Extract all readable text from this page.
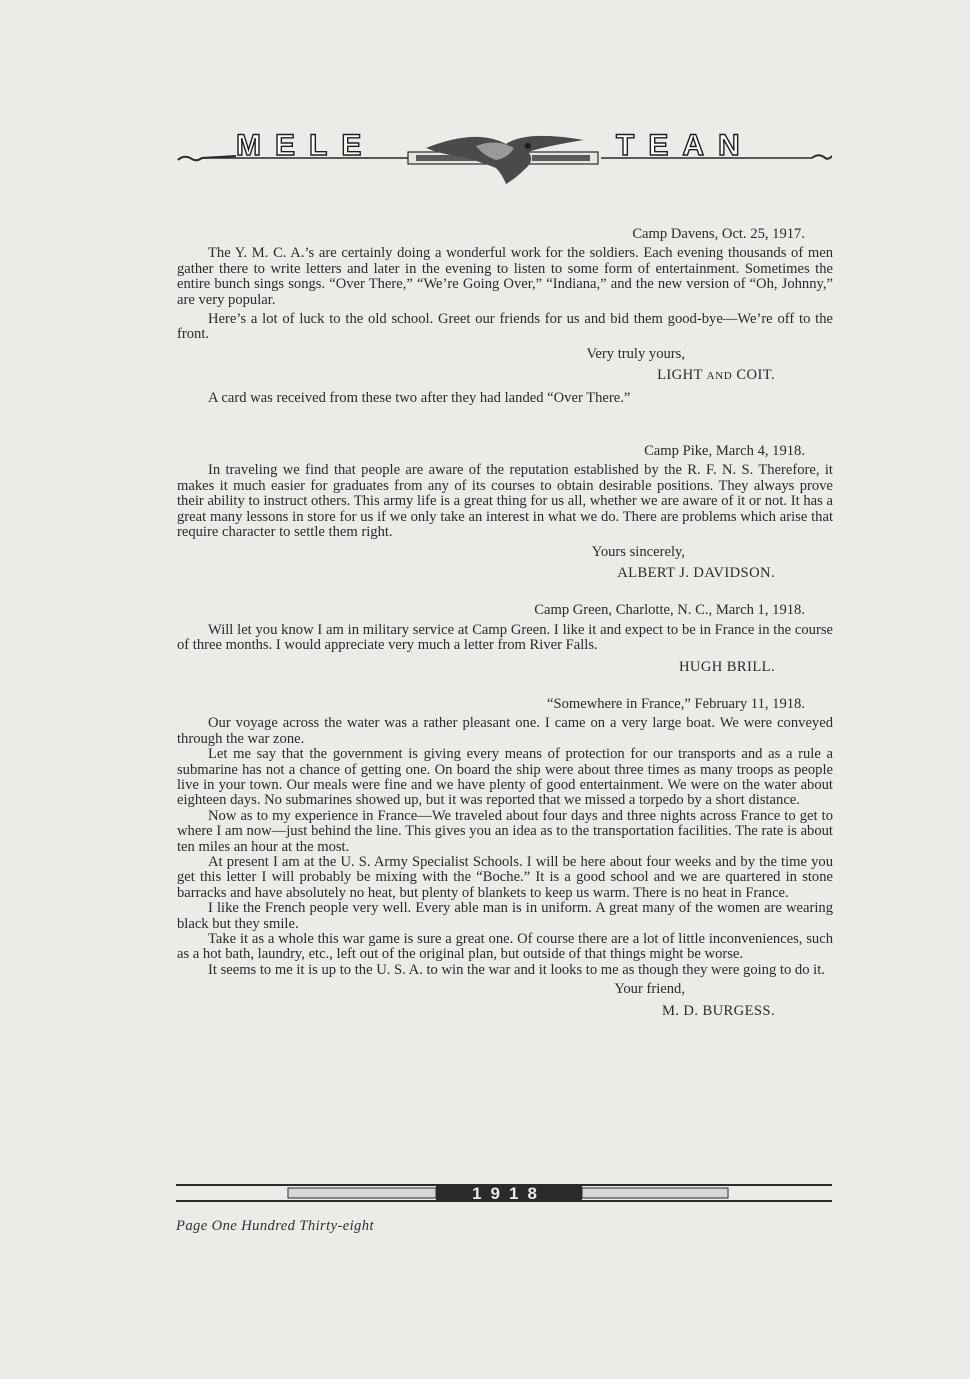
MELE	TEAN

Camp Davens, Oct. 25, 1917.

The Y. M. C. A.’s are certainly doing a wonderful work for the soldiers. Each evening thousands of men gather there to write letters and later in the evening to listen to some form of entertainment. Sometimes the entire bunch sings songs. “Over There,” “We’re Going Over,” “Indiana,” and the new version of “Oh, Johnny,” are very popular.

Here’s a lot of luck to the old school. Greet our friends for us and bid them good-bye—We’re off to the front.

Very truly yours,

LIGHT AND COIT.

A card was received from these two after they had landed “Over There.”

Camp Pike, March 4, 1918.

In traveling we find that people are aware of the reputation established by the R. F. N. S. Therefore, it makes it much easier for graduates from any of its courses to obtain desirable positions. They always prove their ability to instruct others. This army life is a great thing for us all, whether we are aware of it or not. It has a great many lessons in store for us if we only take an interest in what we do. There are problems which arise that require character to settle them right.

Yours sincerely,

ALBERT J. DAVIDSON.

Camp Green, Charlotte, N. C., March 1, 1918.

Will let you know I am in military service at Camp Green. I like it and expect to be in France in the course of three months. I would appreciate very much a letter from River Falls.

HUGH BRILL.

“Somewhere in France,” February 11, 1918.

Our voyage across the water was a rather pleasant one. I came on a very large boat. We were conveyed through the war zone.

Let me say that the government is giving every means of protection for our transports and as a rule a submarine has not a chance of getting one. On board the ship were about three times as many troops as people live in your town. Our meals were fine and we have plenty of good entertainment. We were on the water about eighteen days. No submarines showed up, but it was reported that we missed a torpedo by a short distance.

Now as to my experience in France—We traveled about four days and three nights across France to get to where I am now—just behind the line. This gives you an idea as to the transportation facilities. The rate is about ten miles an hour at the most.

At present I am at the U. S. Army Specialist Schools. I will be here about four weeks and by the time you get this letter I will probably be mixing with the “Boche.” It is a good school and we are quartered in stone barracks and have absolutely no heat, but plenty of blankets to keep us warm. There is no heat in France.

I like the French people very well. Every able man is in uniform. A great many of the women are wearing black but they smile.

Take it as a whole this war game is sure a great one. Of course there are a lot of little inconveniences, such as a hot bath, laundry, etc., left out of the original plan, but outside of that things might be worse.

It seems to me it is up to the U. S. A. to win the war and it looks to me as though they were going to do it.

Your friend,

M. D. BURGESS.

1918
Page One Hundred Thirty-eight
